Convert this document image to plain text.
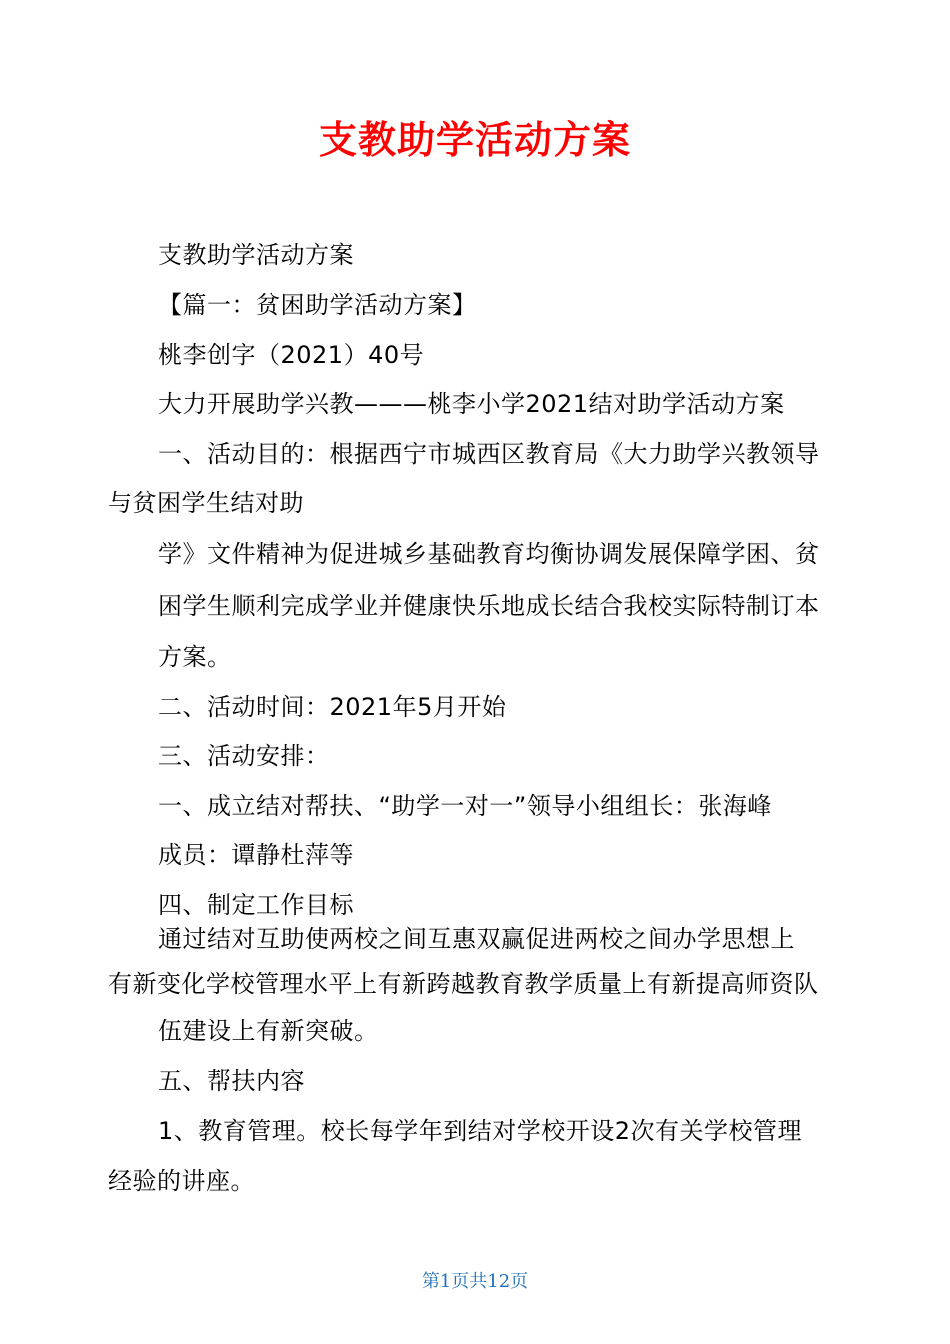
支教助学活动方案
支教助学活动方案
【篇一：贫困助学活动方案】
桃李创字（2021）40号
大力开展助学兴教———桃李小学2021结对助学活动方案
一、活动目的：根据西宁市城西区教育局《大力助学兴教领导
与贫困学生结对助
学》文件精神为促进城乡基础教育均衡协调发展保障学困、贫
困学生顺利完成学业并健康快乐地成长结合我校实际特制订本
方案。
二、活动时间：2021年5月开始
三、活动安排：
一、成立结对帮扶、“助学一对一”领导小组组长：张海峰
成员：谭静杜萍等
四、制定工作目标
通过结对互助使两校之间互惠双赢促进两校之间办学思想上
有新变化学校管理水平上有新跨越教育教学质量上有新提高师资队
伍建设上有新突破。
五、帮扶内容
1、教育管理。校长每学年到结对学校开设2次有关学校管理
经验的讲座。
第1页共12页
